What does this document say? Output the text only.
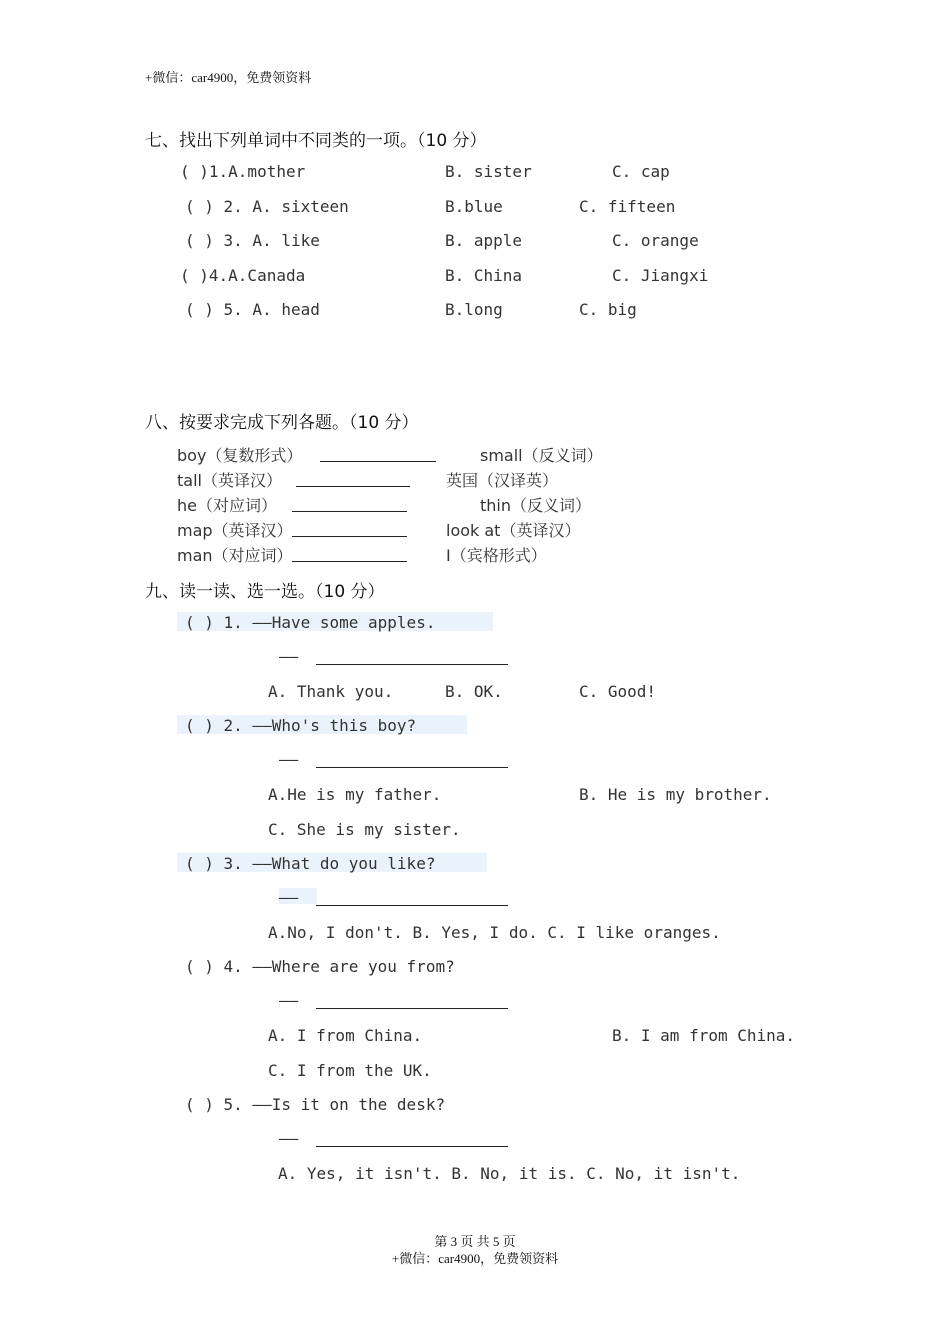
+微信：car4900，免费领资料
七、找出下列单词中不同类的一项。（10 分）
( )1.A.mother	B. sister	C. cap
( ) 2. A. sixteen	B.blue	C. fifteen
( ) 3. A. like	B. apple	C. orange
( )4.A.Canada	B. China	C. Jiangxi
( ) 5. A. head	B.long	C. big
八、按要求完成下列各题。（10 分）
boy（复数形式）	small（反义词）
tall（英译汉）	英国（汉译英）
he（对应词）	thin（反义词）
map（英译汉）	look at（英译汉）
man（对应词）	I（宾格形式）
九、读一读、选一选。（10 分）
( ) 1. ——Have some apples.
——
A. Thank you.	B. OK.	C. Good!
( ) 2. ——Who's this boy?
——
A.He is my father.	B. He is my brother.
C. She is my sister.
( ) 3. ——What do you like?
——
A.No, I don't. B. Yes, I do. C. I like oranges.
( ) 4. ——Where are you from?
——
A. I from China.	B. I am from China.
C. I from the UK.
( ) 5. ——Is it on the desk?
——
A. Yes, it isn't. B. No, it is. C. No, it isn't.
第 3 页 共 5 页
+微信：car4900，免费领资料
